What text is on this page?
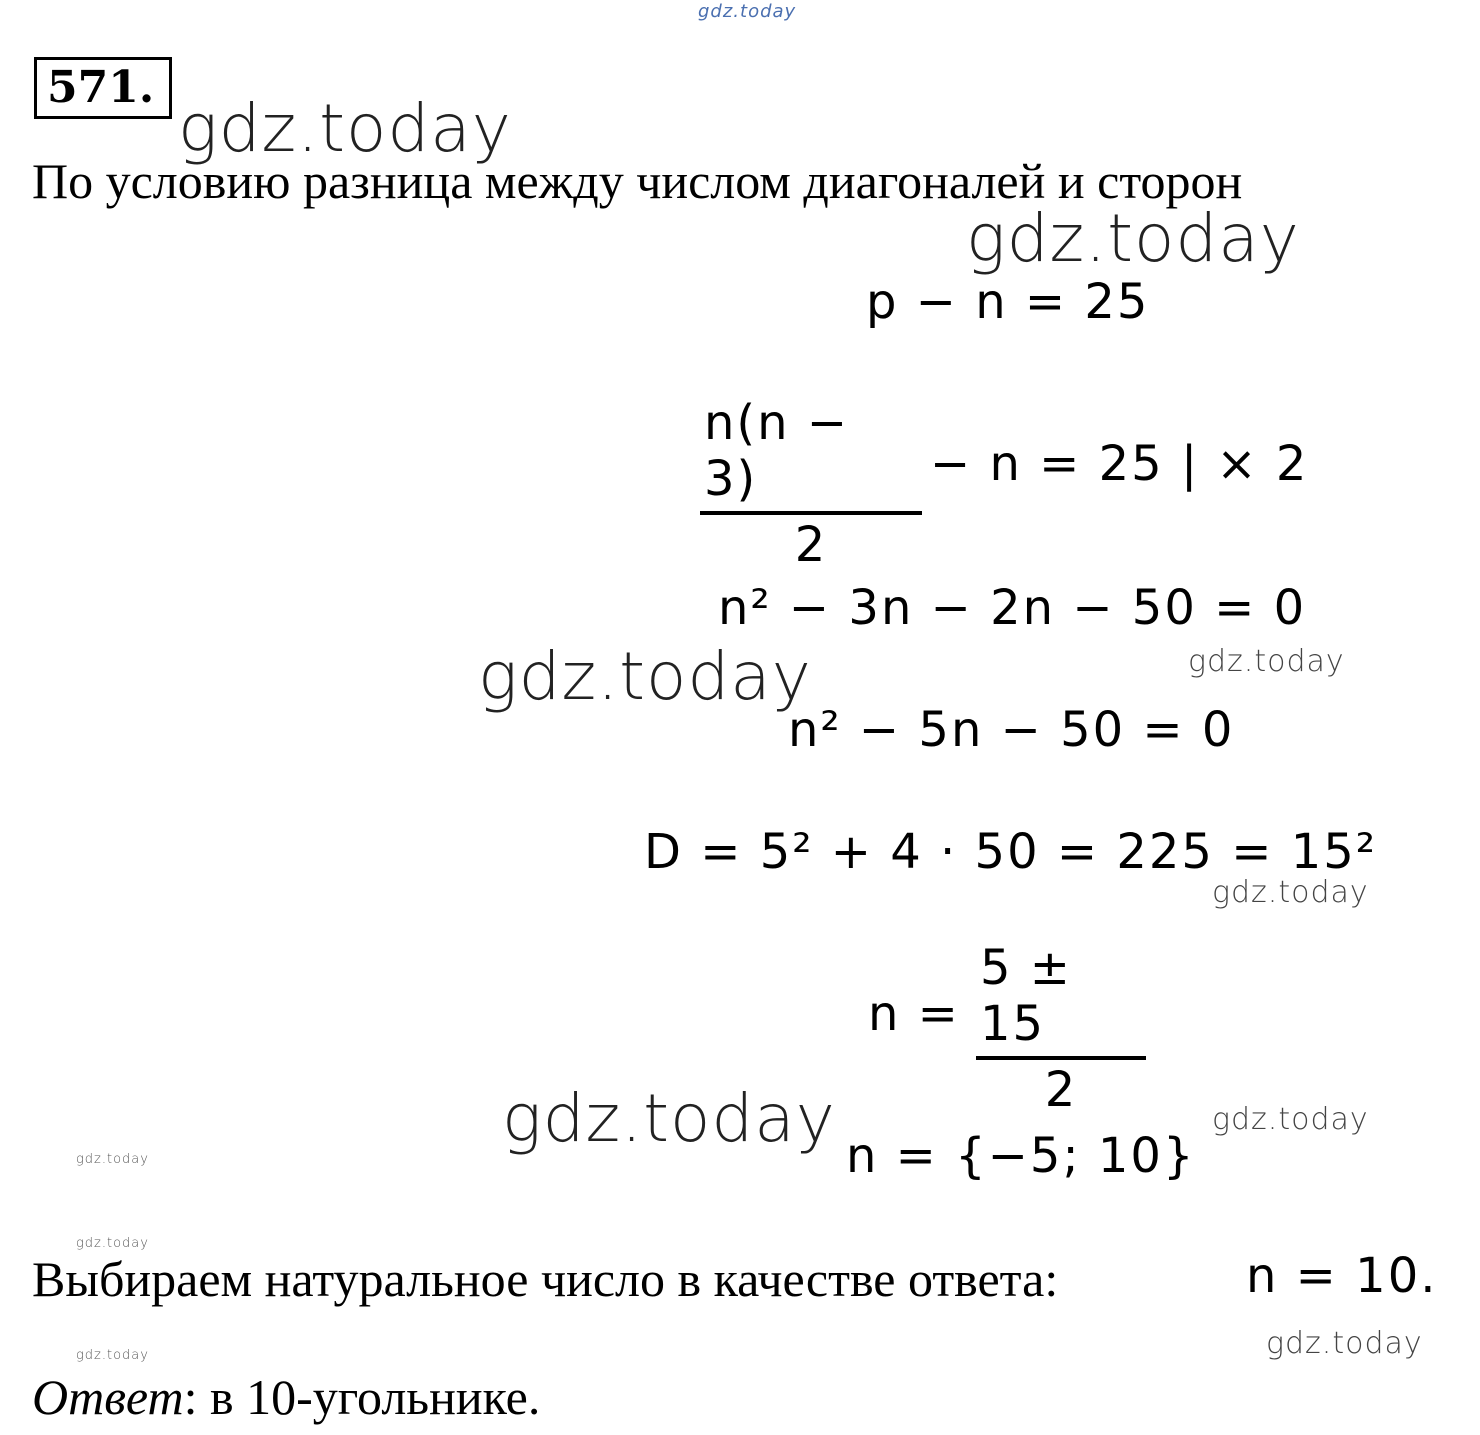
gdz.today
571.
gdz.today
По условию разница между числом диагоналей и сторон
gdz.today
p − n = 25
n(n − 3)
2
− n = 25 | × 2
n² − 3n − 2n − 50 = 0
gdz.today	gdz.today
n² − 5n − 50 = 0
D = 5² + 4 · 50 = 225 = 15²
gdz.today
n =
5 ± 15
2
gdz.today	gdz.today
gdz.today	n = {−5; 10}
gdz.today
Выбираем натуральное число в качестве ответа:	n = 10.
gdz.today
gdz.today
Ответ: в 10-угольнике.
